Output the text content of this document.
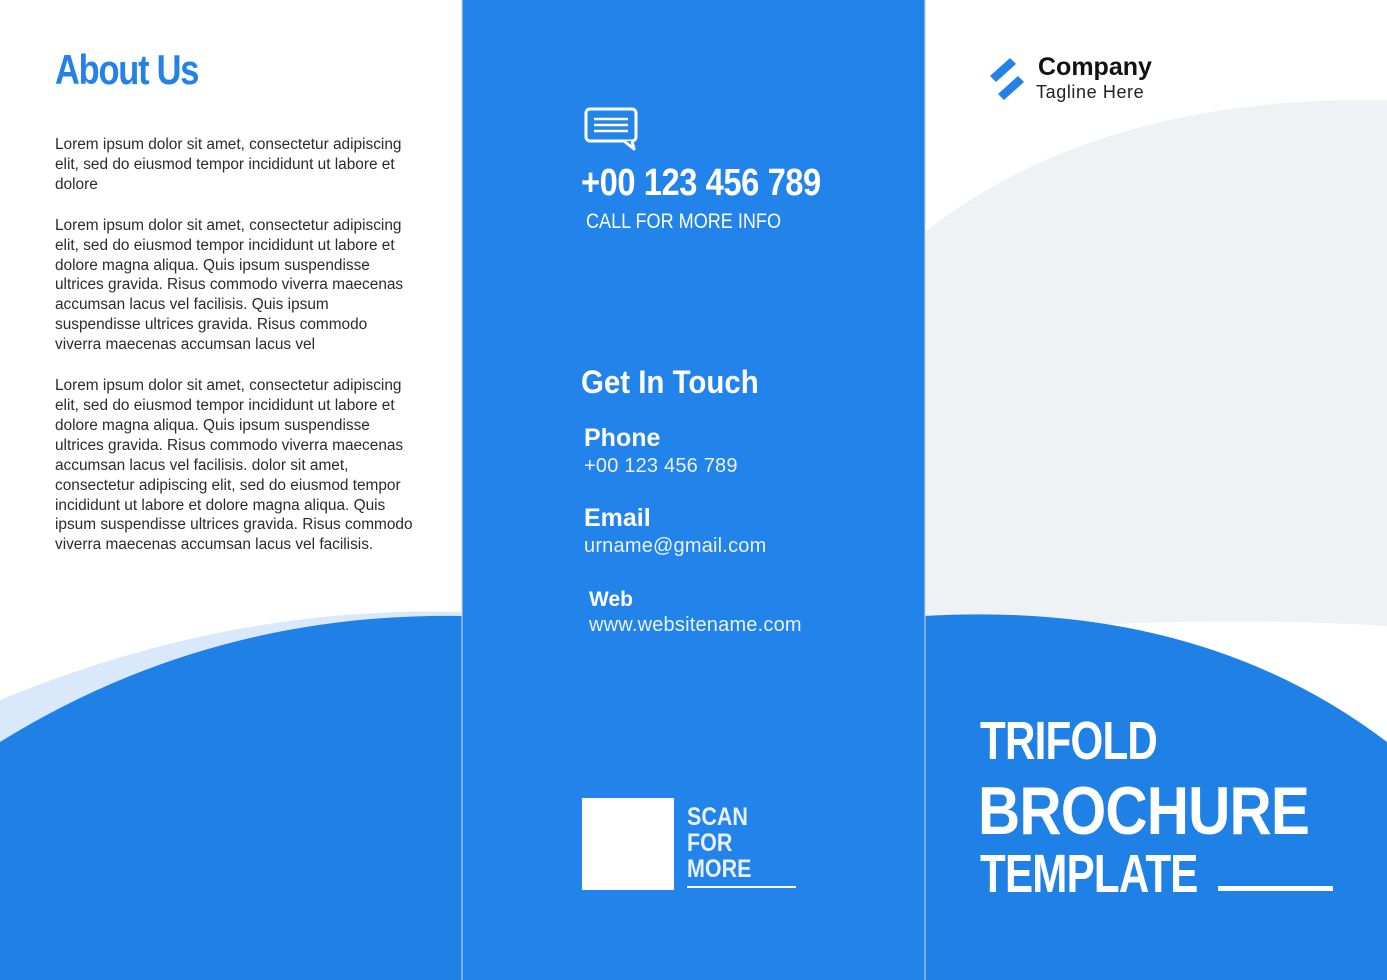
About Us

Lorem ipsum dolor sit amet, consectetur adipiscing elit, sed do eiusmod tempor incididunt ut labore et dolore

Lorem ipsum dolor sit amet, consectetur adipiscing elit, sed do eiusmod tempor incididunt ut labore et dolore magna aliqua. Quis ipsum suspendisse ultrices gravida. Risus commodo viverra maecenas accumsan lacus vel facilisis. Quis ipsum suspendisse ultrices gravida. Risus commodo viverra maecenas accumsan lacus vel

Lorem ipsum dolor sit amet, consectetur adipiscing elit, sed do eiusmod tempor incididunt ut labore et dolore magna aliqua. Quis ipsum suspendisse ultrices gravida. Risus commodo viverra maecenas accumsan lacus vel facilisis. dolor sit amet, consectetur adipiscing elit, sed do eiusmod tempor incididunt ut labore et dolore magna aliqua. Quis ipsum suspendisse ultrices gravida. Risus commodo viverra maecenas accumsan lacus vel facilisis.

+00 123 456 789
CALL FOR MORE INFO
Get In Touch
Phone
+00 123 456 789
Email
urname@gmail.com
Web
www.websitename.com
SCAN
FOR
MORE
Company
Tagline Here
TRIFOLD
BROCHURE
TEMPLATE
